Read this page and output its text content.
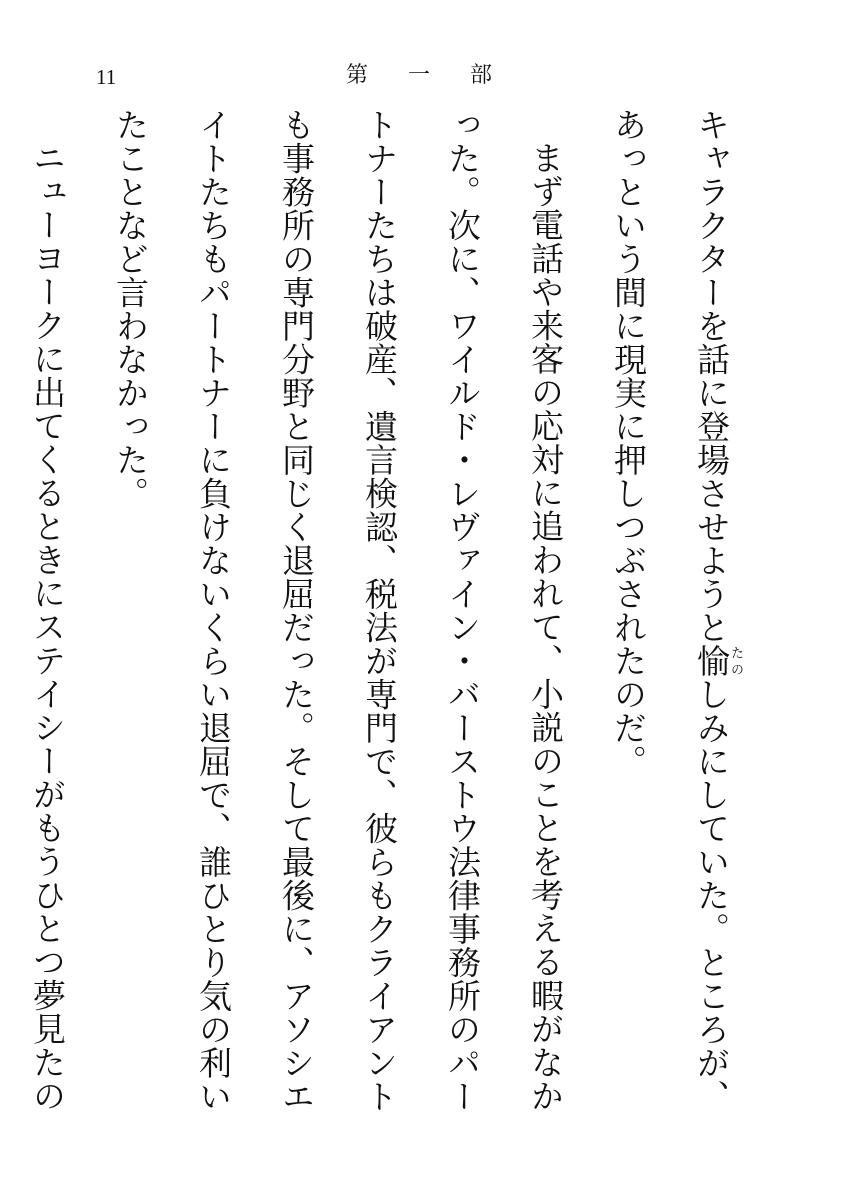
11	第一部

キャラクターを話に登場させようと愉たのしみにしていた。ところが、あっという間に現実に押しつぶされたのだ。

まず電話や来客の応対に追われて、小説のことを考える暇がなかった。次に、ワイルド・レヴァイン・バーストウ法律事務所のパートナーたちは破産、遺言検認、税法が専門で、彼らもクライアントも事務所の専門分野と同じく退屈だった。そして最後に、アソシエイトたちもパートナーに負けないくらい退屈で、誰ひとり気の利いたことなど言わなかった。

ニューヨークに出てくるときにステイシーがもうひとつ夢見たの
